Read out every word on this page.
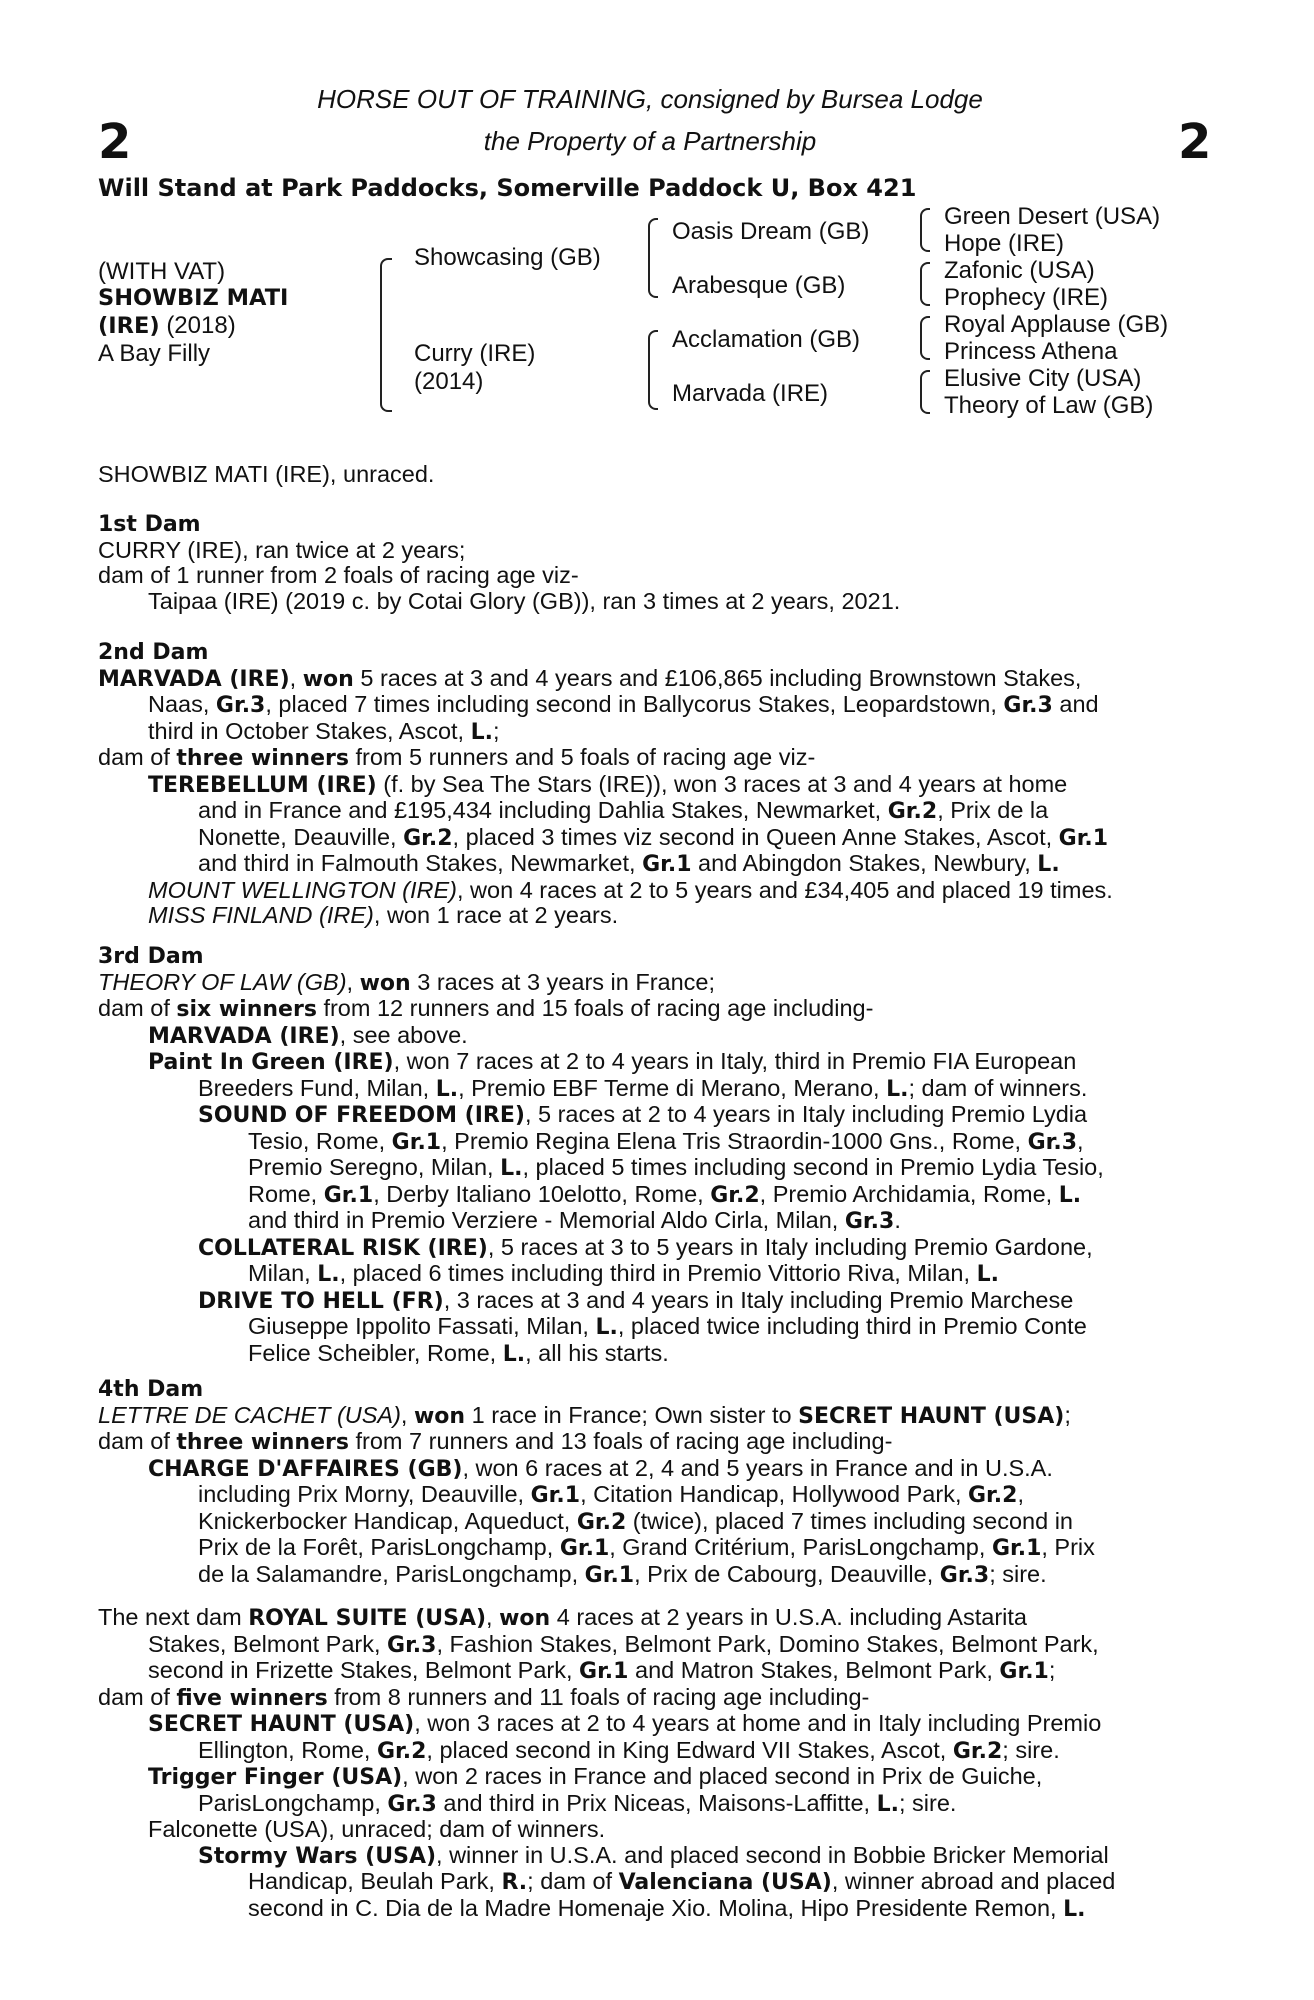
2	2
HORSE OUT OF TRAINING, consigned by Bursea Lodge
the Property of a Partnership
Will Stand at Park Paddocks, Somerville Paddock U, Box 421
(WITH VAT)
SHOWBIZ MATI
(IRE) (2018)
A Bay Filly
Showcasing (GB)
Curry (IRE)
(2014)
Oasis Dream (GB)
Arabesque (GB)
Acclamation (GB)
Marvada (IRE)
Green Desert (USA)
Hope (IRE)
Zafonic (USA)
Prophecy (IRE)
Royal Applause (GB)
Princess Athena
Elusive City (USA)
Theory of Law (GB)
SHOWBIZ MATI (IRE), unraced.
1st Dam
CURRY (IRE), ran twice at 2 years;
dam of 1 runner from 2 foals of racing age viz-
Taipaa (IRE) (2019 c. by Cotai Glory (GB)), ran 3 times at 2 years, 2021.
2nd Dam
MARVADA (IRE), won 5 races at 3 and 4 years and £106,865 including Brownstown Stakes,
Naas, Gr.3, placed 7 times including second in Ballycorus Stakes, Leopardstown, Gr.3 and
third in October Stakes, Ascot, L.;
dam of three winners from 5 runners and 5 foals of racing age viz-
TEREBELLUM (IRE) (f. by Sea The Stars (IRE)), won 3 races at 3 and 4 years at home
and in France and £195,434 including Dahlia Stakes, Newmarket, Gr.2, Prix de la
Nonette, Deauville, Gr.2, placed 3 times viz second in Queen Anne Stakes, Ascot, Gr.1
and third in Falmouth Stakes, Newmarket, Gr.1 and Abingdon Stakes, Newbury, L.
MOUNT WELLINGTON (IRE), won 4 races at 2 to 5 years and £34,405 and placed 19 times.
MISS FINLAND (IRE), won 1 race at 2 years.
3rd Dam
THEORY OF LAW (GB), won 3 races at 3 years in France;
dam of six winners from 12 runners and 15 foals of racing age including-
MARVADA (IRE), see above.
Paint In Green (IRE), won 7 races at 2 to 4 years in Italy, third in Premio FIA European
Breeders Fund, Milan, L., Premio EBF Terme di Merano, Merano, L.; dam of winners.
SOUND OF FREEDOM (IRE), 5 races at 2 to 4 years in Italy including Premio Lydia
Tesio, Rome, Gr.1, Premio Regina Elena Tris Straordin-1000 Gns., Rome, Gr.3,
Premio Seregno, Milan, L., placed 5 times including second in Premio Lydia Tesio,
Rome, Gr.1, Derby Italiano 10elotto, Rome, Gr.2, Premio Archidamia, Rome, L.
and third in Premio Verziere - Memorial Aldo Cirla, Milan, Gr.3.
COLLATERAL RISK (IRE), 5 races at 3 to 5 years in Italy including Premio Gardone,
Milan, L., placed 6 times including third in Premio Vittorio Riva, Milan, L.
DRIVE TO HELL (FR), 3 races at 3 and 4 years in Italy including Premio Marchese
Giuseppe Ippolito Fassati, Milan, L., placed twice including third in Premio Conte
Felice Scheibler, Rome, L., all his starts.
4th Dam
LETTRE DE CACHET (USA), won 1 race in France; Own sister to SECRET HAUNT (USA);
dam of three winners from 7 runners and 13 foals of racing age including-
CHARGE D'AFFAIRES (GB), won 6 races at 2, 4 and 5 years in France and in U.S.A.
including Prix Morny, Deauville, Gr.1, Citation Handicap, Hollywood Park, Gr.2,
Knickerbocker Handicap, Aqueduct, Gr.2 (twice), placed 7 times including second in
Prix de la Forêt, ParisLongchamp, Gr.1, Grand Critérium, ParisLongchamp, Gr.1, Prix
de la Salamandre, ParisLongchamp, Gr.1, Prix de Cabourg, Deauville, Gr.3; sire.
The next dam ROYAL SUITE (USA), won 4 races at 2 years in U.S.A. including Astarita
Stakes, Belmont Park, Gr.3, Fashion Stakes, Belmont Park, Domino Stakes, Belmont Park,
second in Frizette Stakes, Belmont Park, Gr.1 and Matron Stakes, Belmont Park, Gr.1;
dam of five winners from 8 runners and 11 foals of racing age including-
SECRET HAUNT (USA), won 3 races at 2 to 4 years at home and in Italy including Premio
Ellington, Rome, Gr.2, placed second in King Edward VII Stakes, Ascot, Gr.2; sire.
Trigger Finger (USA), won 2 races in France and placed second in Prix de Guiche,
ParisLongchamp, Gr.3 and third in Prix Niceas, Maisons-Laffitte, L.; sire.
Falconette (USA), unraced; dam of winners.
Stormy Wars (USA), winner in U.S.A. and placed second in Bobbie Bricker Memorial
Handicap, Beulah Park, R.; dam of Valenciana (USA), winner abroad and placed
second in C. Dia de la Madre Homenaje Xio. Molina, Hipo Presidente Remon, L.
